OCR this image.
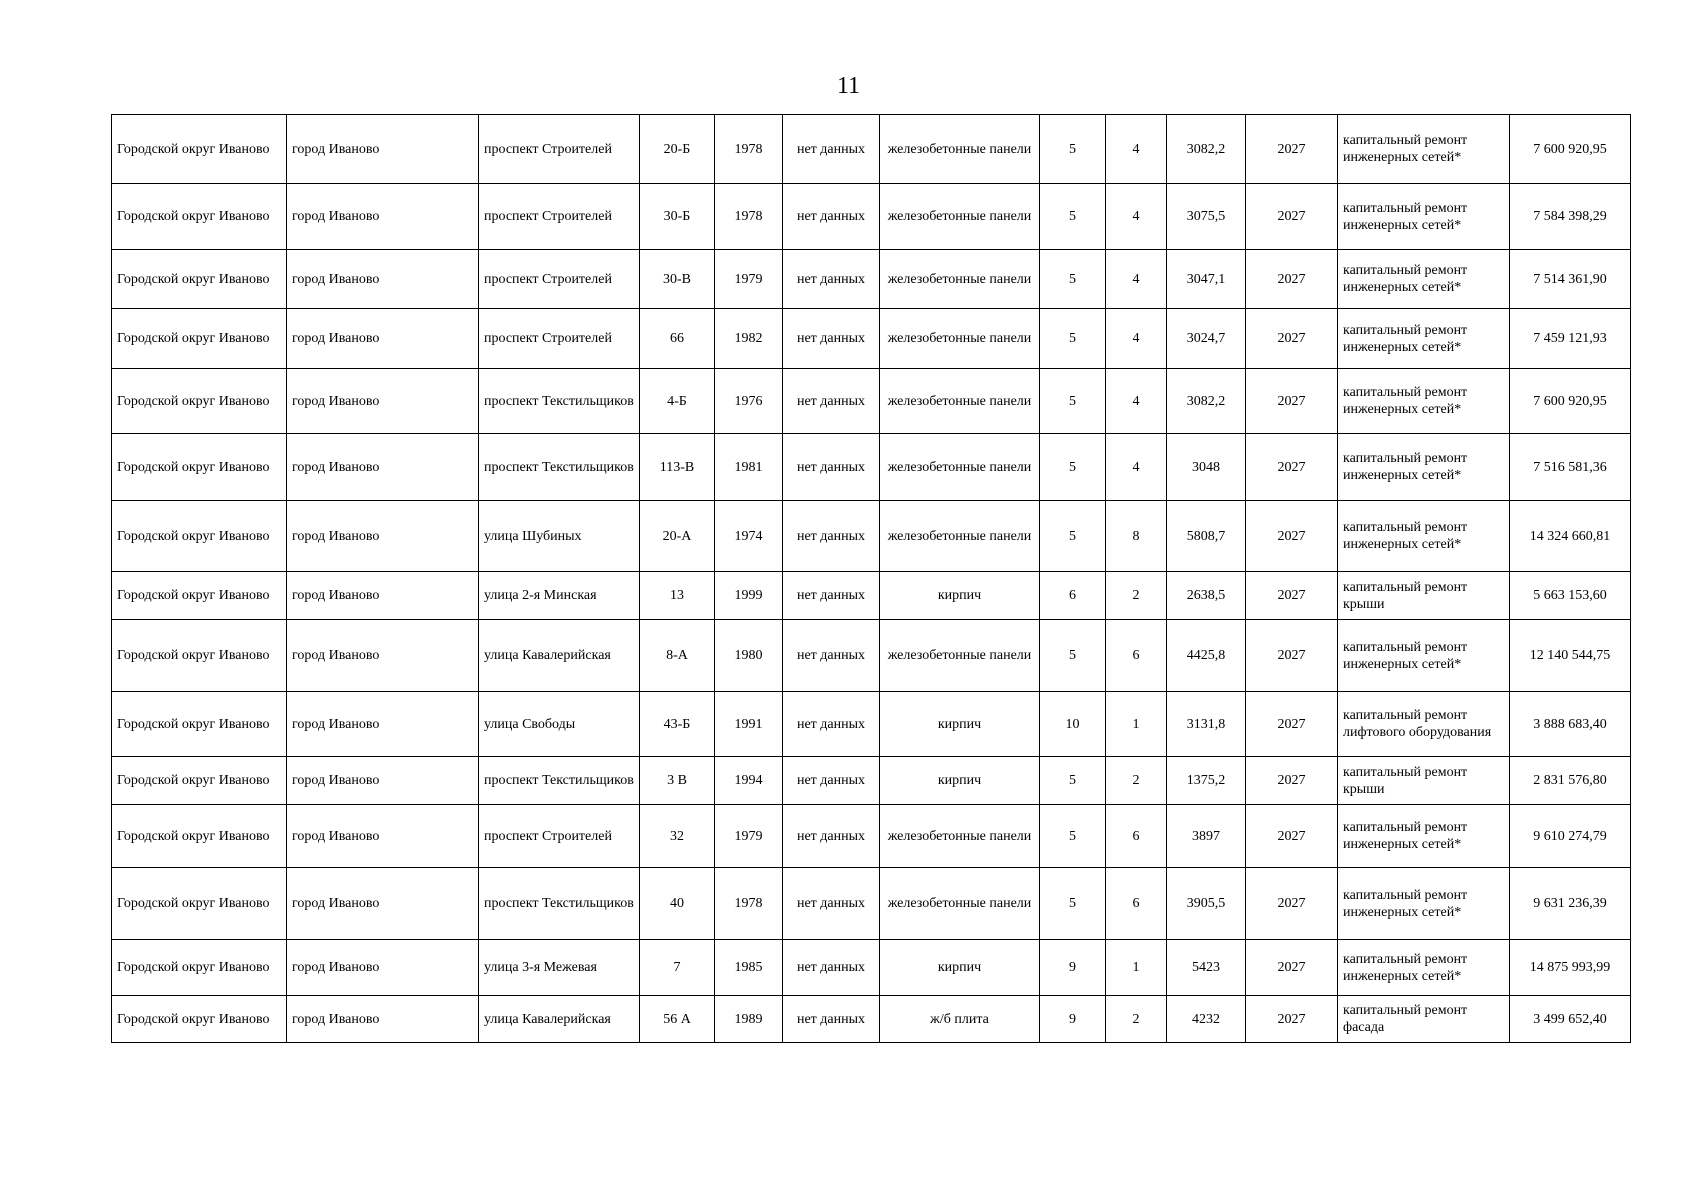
11
Городской округ Иваново	город Иваново	проспект Строителей	20-Б	1978	нет данных	железобетонные панели	5	4	3082,2	2027	капитальный ремонт инженерных сетей*	7 600 920,95
Городской округ Иваново	город Иваново	проспект Строителей	30-Б	1978	нет данных	железобетонные панели	5	4	3075,5	2027	капитальный ремонт инженерных сетей*	7 584 398,29
Городской округ Иваново	город Иваново	проспект Строителей	30-В	1979	нет данных	железобетонные панели	5	4	3047,1	2027	капитальный ремонт инженерных сетей*	7 514 361,90
Городской округ Иваново	город Иваново	проспект Строителей	66	1982	нет данных	железобетонные панели	5	4	3024,7	2027	капитальный ремонт инженерных сетей*	7 459 121,93
Городской округ Иваново	город Иваново	проспект Текстильщиков	4-Б	1976	нет данных	железобетонные панели	5	4	3082,2	2027	капитальный ремонт инженерных сетей*	7 600 920,95
Городской округ Иваново	город Иваново	проспект Текстильщиков	113-В	1981	нет данных	железобетонные панели	5	4	3048	2027	капитальный ремонт инженерных сетей*	7 516 581,36
Городской округ Иваново	город Иваново	улица Шубиных	20-А	1974	нет данных	железобетонные панели	5	8	5808,7	2027	капитальный ремонт инженерных сетей*	14 324 660,81
Городской округ Иваново	город Иваново	улица 2-я Минская	13	1999	нет данных	кирпич	6	2	2638,5	2027	капитальный ремонт крыши	5 663 153,60
Городской округ Иваново	город Иваново	улица Кавалерийская	8-А	1980	нет данных	железобетонные панели	5	6	4425,8	2027	капитальный ремонт инженерных сетей*	12 140 544,75
Городской округ Иваново	город Иваново	улица Свободы	43-Б	1991	нет данных	кирпич	10	1	3131,8	2027	капитальный ремонт лифтового оборудования	3 888 683,40
Городской округ Иваново	город Иваново	проспект Текстильщиков	3 В	1994	нет данных	кирпич	5	2	1375,2	2027	капитальный ремонт крыши	2 831 576,80
Городской округ Иваново	город Иваново	проспект Строителей	32	1979	нет данных	железобетонные панели	5	6	3897	2027	капитальный ремонт инженерных сетей*	9 610 274,79
Городской округ Иваново	город Иваново	проспект Текстильщиков	40	1978	нет данных	железобетонные панели	5	6	3905,5	2027	капитальный ремонт инженерных сетей*	9 631 236,39
Городской округ Иваново	город Иваново	улица 3-я Межевая	7	1985	нет данных	кирпич	9	1	5423	2027	капитальный ремонт инженерных сетей*	14 875 993,99
Городской округ Иваново	город Иваново	улица Кавалерийская	56 А	1989	нет данных	ж/б плита	9	2	4232	2027	капитальный ремонт фасада	3 499 652,40
